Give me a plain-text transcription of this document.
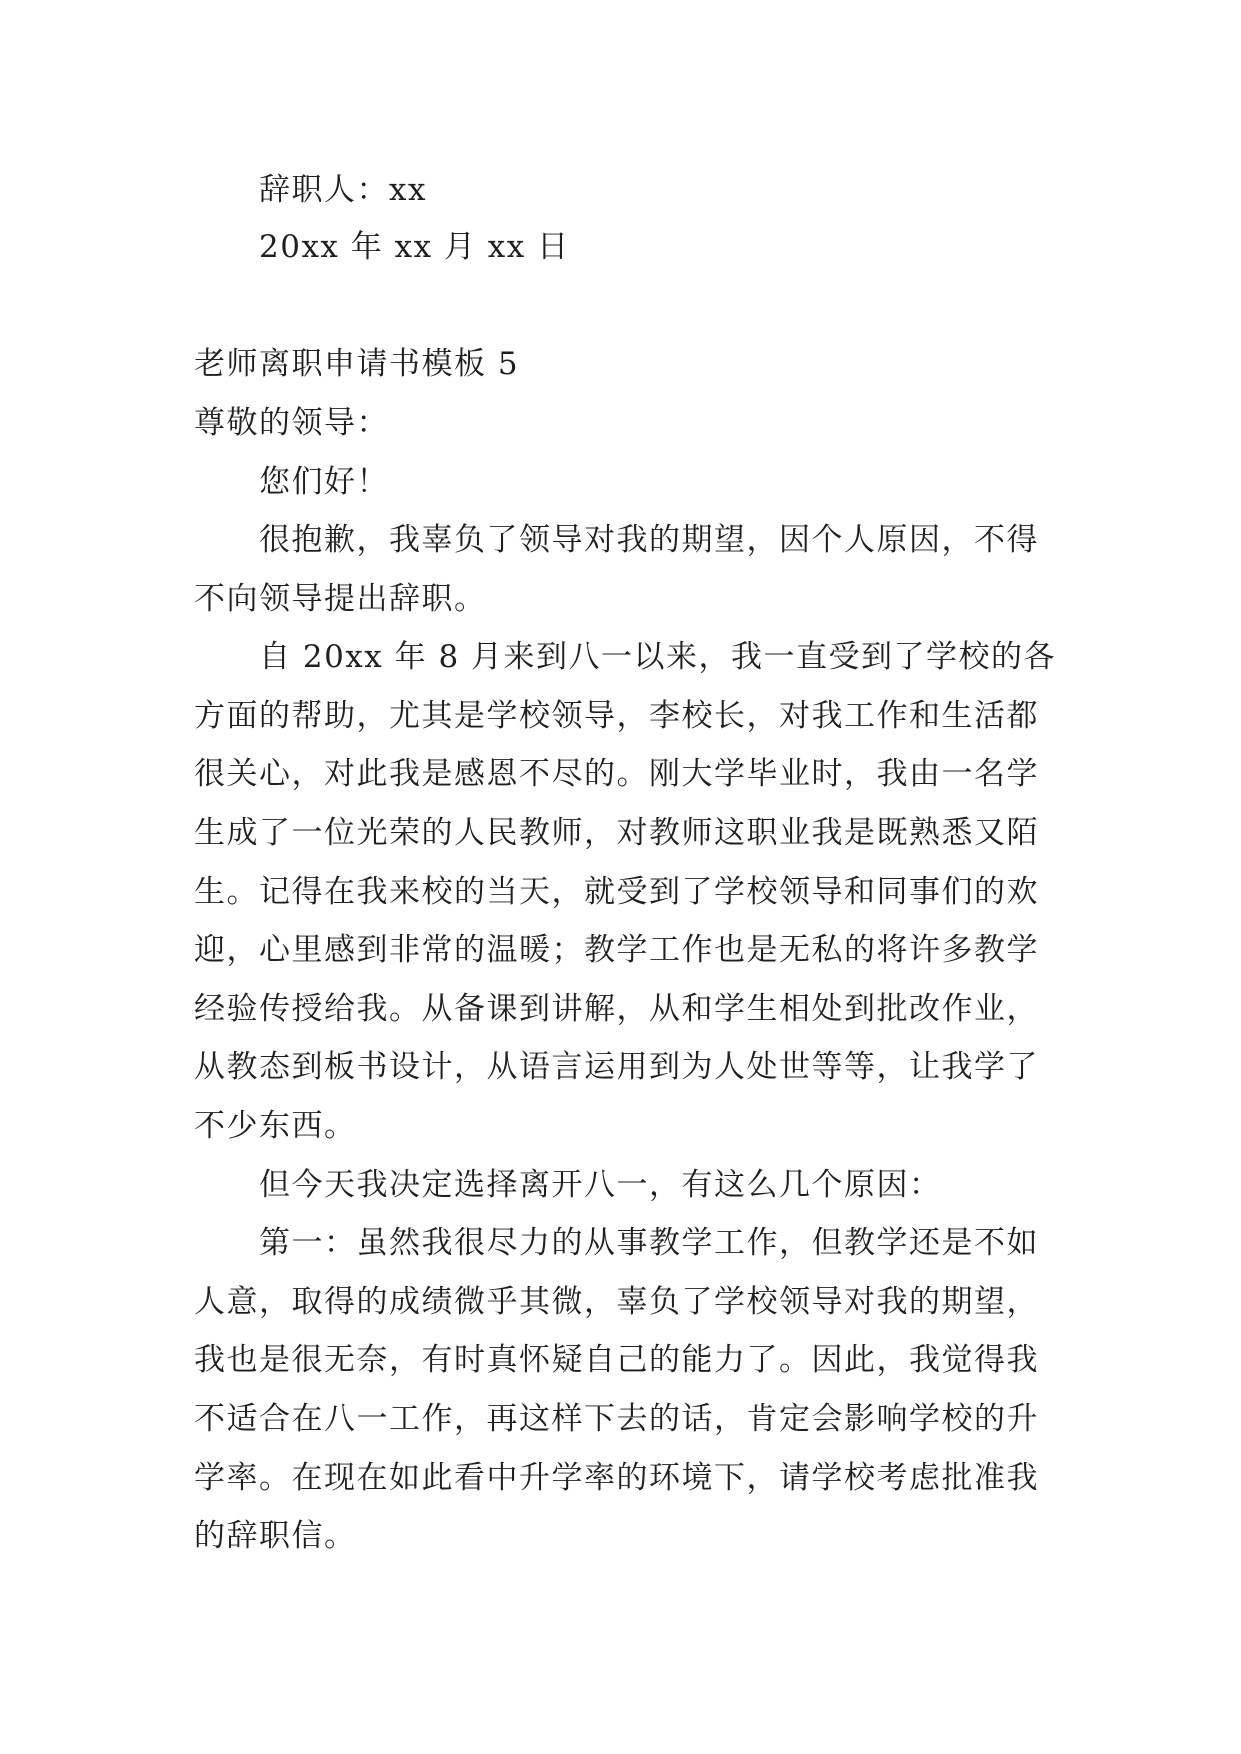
辞职人：xx
20xx 年 xx 月 xx 日
老师离职申请书模板 5
尊敬的领导：
您们好！
很抱歉，我辜负了领导对我的期望，因个人原因，不得
不向领导提出辞职。
自 20xx 年 8 月来到八一以来，我一直受到了学校的各
方面的帮助，尤其是学校领导，李校长，对我工作和生活都
很关心，对此我是感恩不尽的。刚大学毕业时，我由一名学
生成了一位光荣的人民教师，对教师这职业我是既熟悉又陌
生。记得在我来校的当天，就受到了学校领导和同事们的欢
迎，心里感到非常的温暖；教学工作也是无私的将许多教学
经验传授给我。从备课到讲解，从和学生相处到批改作业，
从教态到板书设计，从语言运用到为人处世等等，让我学了
不少东西。
但今天我决定选择离开八一，有这么几个原因：
第一：虽然我很尽力的从事教学工作，但教学还是不如
人意，取得的成绩微乎其微，辜负了学校领导对我的期望，
我也是很无奈，有时真怀疑自己的能力了。因此，我觉得我
不适合在八一工作，再这样下去的话，肯定会影响学校的升
学率。在现在如此看中升学率的环境下，请学校考虑批准我
的辞职信。
